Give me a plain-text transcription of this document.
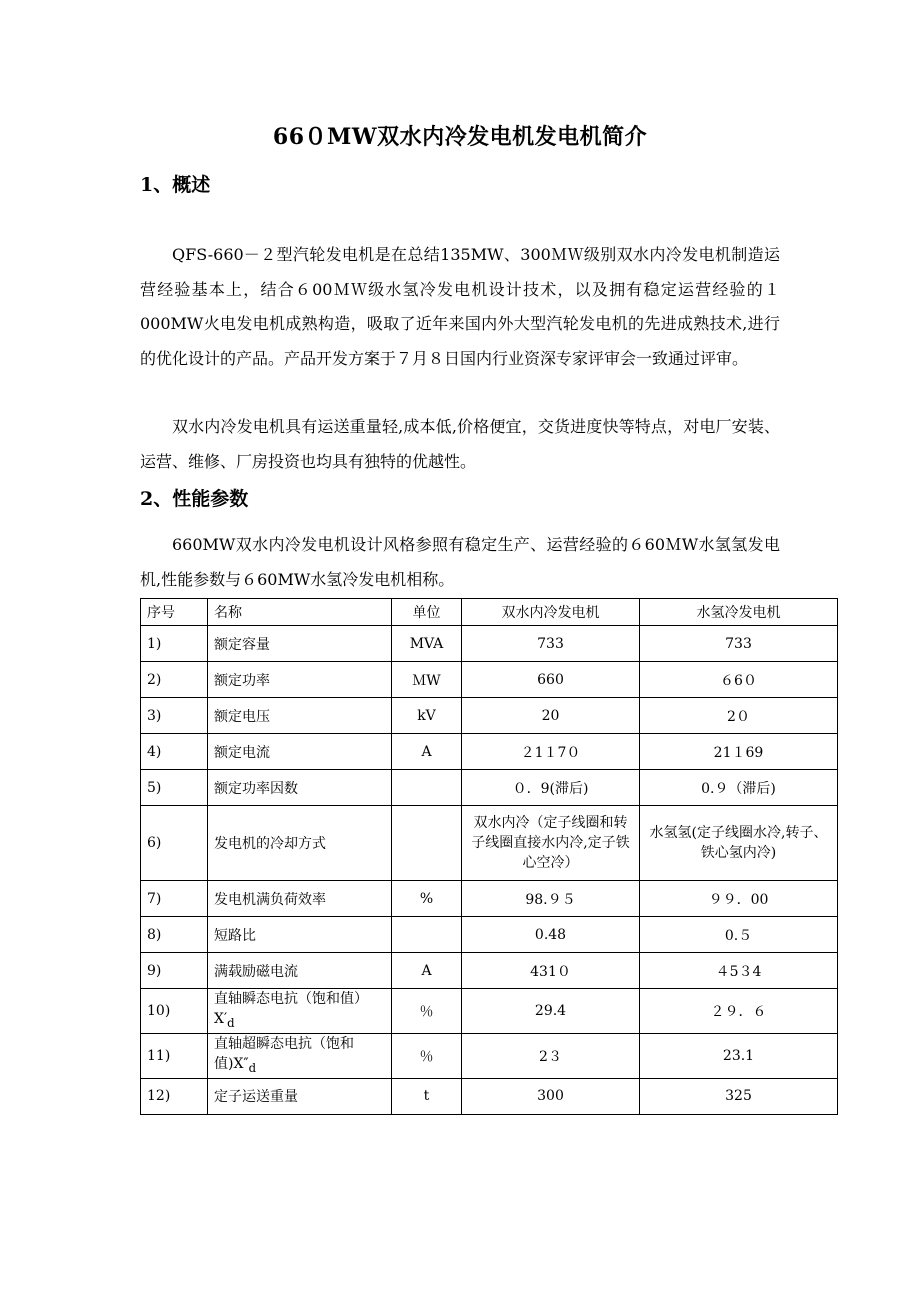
66０MW双水内冷发电机发电机简介
1、概述

QFS-660－２型汽轮发电机是在总结135MW、300ＭＷ级别双水内冷发电机制造运营经验基本上，结合６00ＭＷ级水氢冷发电机设计技术，以及拥有稳定运营经验的１000MW火电发电机成熟构造，吸取了近年来国内外大型汽轮发电机的先进成熟技术,进行的优化设计的产品。产品开发方案于７月８日国内行业资深专家评审会一致通过评审。

双水内冷发电机具有运送重量轻,成本低,价格便宜，交货进度快等特点，对电厂安装、运营、维修、厂房投资也均具有独特的优越性。

2、性能参数

660MW双水内冷发电机设计风格参照有稳定生产、运营经验的６60ＭW水氢氢发电机,性能参数与６60MW水氢冷发电机相称。

序号	名称	单位	双水内冷发电机	水氢冷发电机
1)	额定容量	MVA	733	733
2)	额定功率	ＭW	660	６6０
3)	额定电压	kV	20	2０
4)	额定电流	A	２1１7０	21１69
5)	额定功率因数		０．9(滞后)	0.９（滞后)
6)	发电机的冷却方式		双水内冷（定子线圈和转子线圈直接水内冷,定子铁心空冷）	水氢氢(定子线圈水冷,转子、铁心氢内冷)
7)	发电机满负荷效率	%	98.９５	９９．00
8)	短路比		0.48	0.５
9)	满载励磁电流	A	431０	４5３4
10)	直轴瞬态电抗（饱和值）$X'_d$	％	29.4	２９．６
11)	直轴超瞬态电抗（饱和值)$X''_d$	％	2３	23.1
12)	定子运送重量	t	300	325
